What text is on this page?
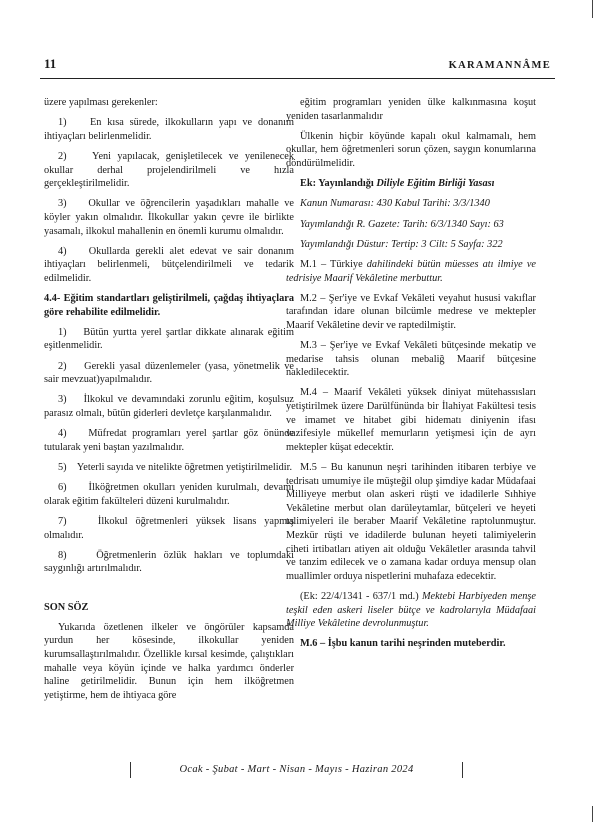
11	KARAMANNÂME

üzere yapılması gerekenler:

1)    En kısa sürede, ilkokulların yapı ve donanım ihtiyaçları belirlenmelidir.

2)    Yeni yapılacak, genişletilecek ve yenilenecek okullar derhal projelendirilmeli ve hızla gerçekleştirilmelidir.

3)    Okullar ve öğrencilerin yaşadıkları mahalle ve köyler yakın olmalıdır. İlkokullar yakın çevre ile birlikte yasamalı, ilkokul mahallenin en önemli kurumu olmalıdır.

4)    Okullarda gerekli alet edevat ve sair donanım ihtiyaçları belirlenmeli, bütçelendirilmeli ve tedarik edilmelidir.

4.4- Eğitim standartları geliştirilmeli, çağdaş ihtiyaçlara göre rehabilite edilmelidir.

1)    Bütün yurtta yerel şartlar dikkate alınarak eğitim eşitlenmelidir.

2)    Gerekli yasal düzenlemeler (yasa, yönetmelik ve sair mevzuat)yapılmalıdır.

3)    İlkokul ve devamındaki zorunlu eğitim, koşulsuz parasız olmalı, bütün giderleri devletçe karşılanmalıdır.

4)    Müfredat programları yerel şartlar göz önünde tutularak yeni baştan yazılmalıdır.

5)    Yeterli sayıda ve nitelikte öğretmen yetiştirilmelidir.

6)     İlköğretmen okulları yeniden kurulmalı, devamı olarak eğitim fakülteleri düzeni kurulmalıdır.

7)    İlkokul öğretmenleri yüksek lisans yapmış olmalıdır.

8)    Öğretmenlerin özlük hakları ve toplumdaki saygınlığı artırılmalıdır.

SON SÖZ

Yukarıda özetlenen ilkeler ve öngörüler kapsamda yurdun her kösesinde, ilkokullar yeniden kurumsallaştırılmalıdır. Özellikle kırsal kesimde, çalıştıkları mahalle veya köyün içinde ve halka yardımcı önderler haline getirilmelidir. Bunun için hem ilköğretmen yetiştirme, hem de ihtiyaca göre

eğitim programları yeniden ülke kalkınmasına koşut yeniden tasarlanmalıdır

Ülkenin hiçbir köyünde kapalı okul kalmamalı, hem okullar, hem öğretmenleri sorun çözen, saygın konumlarına döndürülmelidir.

Ek: Yayınlandığı Diliyle Eğitim Birliği Yasası

Kanun Numarası: 430 Kabul Tarihi: 3/3/1340

Yayımlandığı R. Gazete: Tarih: 6/3/1340 Sayı: 63

Yayımlandığı Düstur: Tertip: 3 Cilt: 5 Sayfa: 322

M.1 – Türkiye dahilindeki bütün müesses atı ilmiye ve tedrisiye Maarif Vekâletine merbuttur.

M.2 – Şer'iye ve Evkaf Vekâleti veyahut hususi vakıflar tarafından idare olunan bilcümle medrese ve mektepler Maarif Vekâletine devir ve raptedilmiştir.

M.3 – Şer'iye ve Evkaf Vekâleti bütçesinde mekatip ve medarise tahsis olunan mebaliğ Maarif bütçesine nakledilecektir.

M.4 – Maarif Vekâleti yüksek diniyat mütehassısları yetiştirilmek üzere Darülfününda bir İlahiyat Fakültesi tesis ve imamet ve hitabet gibi hidematı diniyenin ifası vazifesiyle mükellef memurların yetişmesi için de ayrı mektepler küşat edecektir.

M.5 – Bu kanunun neşri tarihinden itibaren terbiye ve tedrisatı umumiye ile müşteğil olup şimdiye kadar Müdafaai Milliyeye merbut olan askeri rüşti ve idadilerle Sıhhiye Vekâletine merbut olan darüleytamlar, bütçeleri ve heyeti talimiyeleri ile beraber Maarif Vekâletine raptolunmuştur. Mezkür rüşti ve idadilerde bulunan heyeti talimiyelerin ciheti irtibatları atiyen ait olduğu Vekâletler arasında tahvil ve tanzim edilecek ve o zamana kadar orduya mensup olan muallimler orduya nispetlerini muhafaza edecektir.

(Ek: 22/4/1341 - 637/1 md.) Mektebi Harbiyeden menşe teşkil eden askeri liseler bütçe ve kadrolarıyla Müdafaai Milliye Vekâletine devrolunmuştur.

M.6 – İşbu kanun tarihi neşrinden muteberdir.

Ocak - Şubat - Mart - Nisan - Mayıs - Haziran 2024
